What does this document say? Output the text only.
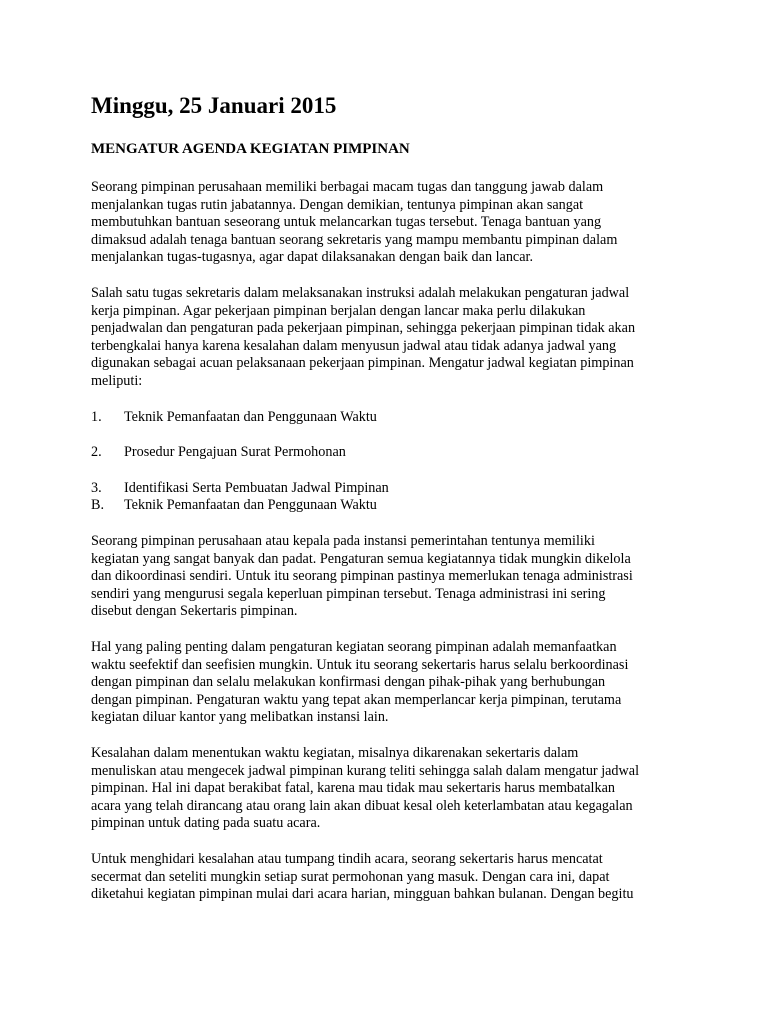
Minggu, 25 Januari 2015
MENGATUR AGENDA KEGIATAN PIMPINAN

Seorang pimpinan perusahaan memiliki berbagai macam tugas dan tanggung jawab dalam

menjalankan tugas rutin jabatannya. Dengan demikian, tentunya pimpinan akan sangat

membutuhkan bantuan seseorang untuk melancarkan tugas tersebut. Tenaga bantuan yang

dimaksud adalah tenaga bantuan seorang sekretaris yang mampu membantu pimpinan dalam

menjalankan tugas-tugasnya, agar dapat dilaksanakan dengan baik dan lancar.

Salah satu tugas sekretaris dalam melaksanakan instruksi adalah melakukan pengaturan jadwal

kerja pimpinan. Agar pekerjaan pimpinan berjalan dengan lancar maka perlu dilakukan

penjadwalan dan pengaturan pada pekerjaan pimpinan, sehingga pekerjaan pimpinan tidak akan

terbengkalai hanya karena kesalahan dalam menyusun jadwal atau tidak adanya jadwal yang

digunakan sebagai acuan pelaksanaan pekerjaan pimpinan. Mengatur jadwal kegiatan pimpinan

meliputi:

1. Teknik Pemanfaatan dan Penggunaan Waktu
2. Prosedur Pengajuan Surat Permohonan
3. Identifikasi Serta Pembuatan Jadwal Pimpinan
B. Teknik Pemanfaatan dan Penggunaan Waktu

Seorang pimpinan perusahaan atau kepala pada instansi pemerintahan tentunya memiliki

kegiatan yang sangat banyak dan padat. Pengaturan semua kegiatannya tidak mungkin dikelola

dan dikoordinasi sendiri. Untuk itu seorang pimpinan pastinya memerlukan tenaga administrasi

sendiri yang mengurusi segala keperluan pimpinan tersebut. Tenaga administrasi ini sering

disebut dengan Sekertaris pimpinan.

Hal yang paling penting dalam pengaturan kegiatan seorang pimpinan adalah memanfaatkan

waktu seefektif dan seefisien mungkin. Untuk itu seorang sekertaris harus selalu berkoordinasi

dengan pimpinan dan selalu melakukan konfirmasi dengan pihak-pihak yang berhubungan

dengan pimpinan. Pengaturan waktu yang tepat akan memperlancar kerja pimpinan, terutama

kegiatan diluar kantor yang melibatkan instansi lain.

Kesalahan dalam menentukan waktu kegiatan, misalnya dikarenakan sekertaris dalam

menuliskan atau mengecek jadwal pimpinan kurang teliti sehingga salah dalam mengatur jadwal

pimpinan. Hal ini dapat berakibat fatal, karena mau tidak mau sekertaris harus membatalkan

acara yang telah dirancang atau orang lain akan dibuat kesal oleh keterlambatan atau kegagalan

pimpinan untuk dating pada suatu acara.

Untuk menghidari kesalahan atau tumpang tindih acara, seorang sekertaris harus mencatat

secermat dan seteliti mungkin setiap surat permohonan yang masuk. Dengan cara ini, dapat

diketahui kegiatan pimpinan mulai dari acara harian, mingguan bahkan bulanan. Dengan begitu
